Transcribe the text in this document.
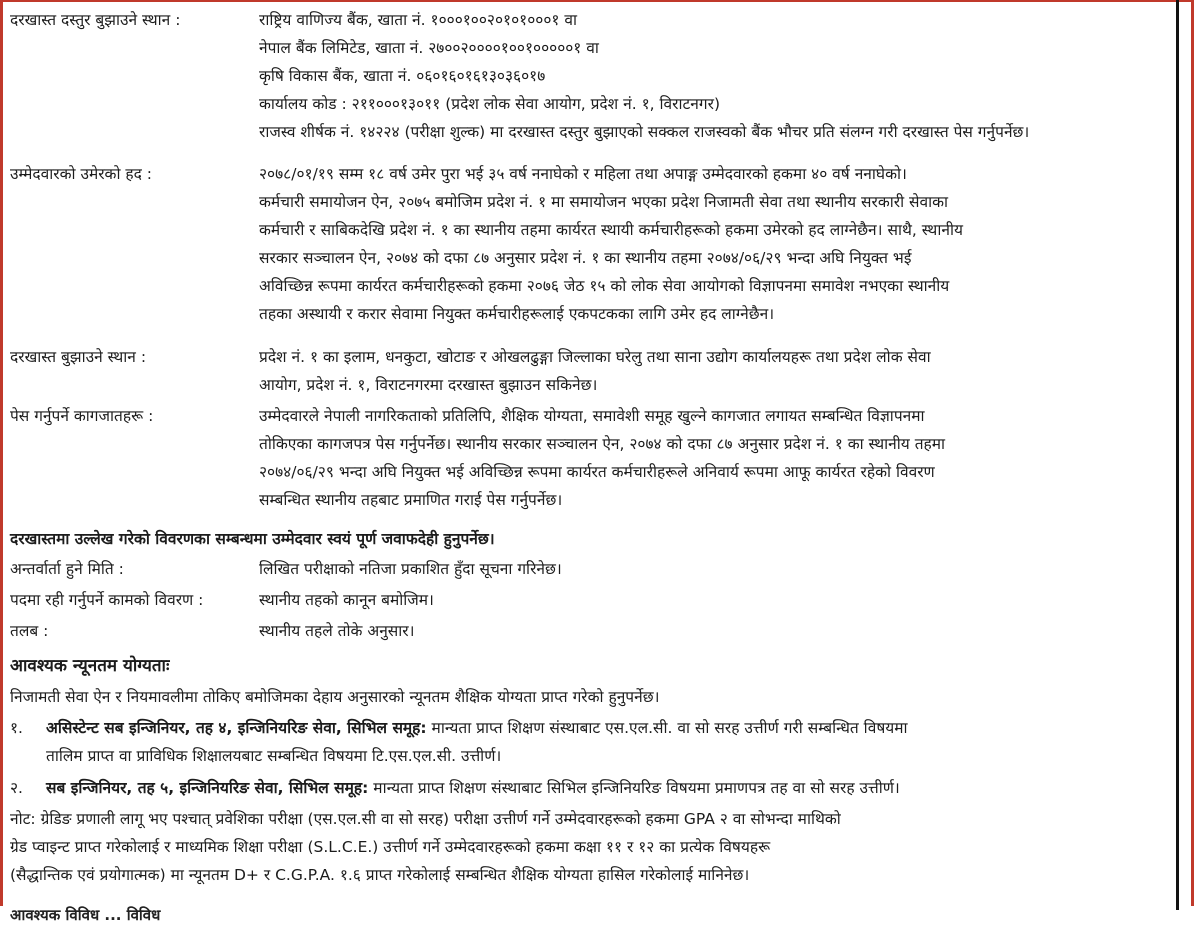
दरखास्त दस्तुर बुझाउने स्थान :	राष्ट्रिय वाणिज्य बैंक, खाता नं. १०००१००२०१०१०००१ वा
नेपाल बैंक लिमिटेड, खाता नं. २७००२००००१००१०००००१ वा
कृषि विकास बैंक, खाता नं. ०६०१६०१६१३०३६०१७
कार्यालय कोड : २११०००१३०११ (प्रदेश लोक सेवा आयोग, प्रदेश नं. १, विराटनगर)
राजस्व शीर्षक नं. १४२२४ (परीक्षा शुल्क) मा दरखास्त दस्तुर बुझाएको सक्कल राजस्वको बैंक भौचर प्रति संलग्न गरी दरखास्त पेस गर्नुपर्नेछ।
उम्मेदवारको उमेरको हद :	२०७८/०१/१९ सम्म १८ वर्ष उमेर पुरा भई ३५ वर्ष ननाघेको र महिला तथा अपाङ्ग उम्मेदवारको हकमा ४० वर्ष ननाघेको।
कर्मचारी समायोजन ऐन, २०७५ बमोजिम प्रदेश नं. १ मा समायोजन भएका प्रदेश निजामती सेवा तथा स्थानीय सरकारी सेवाका
कर्मचारी र साबिकदेखि प्रदेश नं. १ का स्थानीय तहमा कार्यरत स्थायी कर्मचारीहरूको हकमा उमेरको हद लाग्नेछैन। साथै, स्थानीय
सरकार सञ्चालन ऐन, २०७४ को दफा ८७ अनुसार प्रदेश नं. १ का स्थानीय तहमा २०७४/०६/२९ भन्दा अघि नियुक्त भई
अविच्छिन्न रूपमा कार्यरत कर्मचारीहरूको हकमा २०७६ जेठ १५ को लोक सेवा आयोगको विज्ञापनमा समावेश नभएका स्थानीय
तहका अस्थायी र करार सेवामा नियुक्त कर्मचारीहरूलाई एकपटकका लागि उमेर हद लाग्नेछैन।
दरखास्त बुझाउने स्थान :	प्रदेश नं. १ का इलाम, धनकुटा, खोटाङ र ओखलढुङ्गा जिल्लाका घरेलु तथा साना उद्योग कार्यालयहरू तथा प्रदेश लोक सेवा
आयोग, प्रदेश नं. १, विराटनगरमा दरखास्त बुझाउन सकिनेछ।
पेस गर्नुपर्ने कागजातहरू :	उम्मेदवारले नेपाली नागरिकताको प्रतिलिपि, शैक्षिक योग्यता, समावेशी समूह खुल्ने कागजात लगायत सम्बन्धित विज्ञापनमा
तोकिएका कागजपत्र पेस गर्नुपर्नेछ। स्थानीय सरकार सञ्चालन ऐन, २०७४ को दफा ८७ अनुसार प्रदेश नं. १ का स्थानीय तहमा
२०७४/०६/२९ भन्दा अघि नियुक्त भई अविच्छिन्न रूपमा कार्यरत कर्मचारीहरूले अनिवार्य रूपमा आफू कार्यरत रहेको विवरण
सम्बन्धित स्थानीय तहबाट प्रमाणित गराई पेस गर्नुपर्नेछ।
दरखास्तमा उल्लेख गरेको विवरणका सम्बन्धमा उम्मेदवार स्वयं पूर्ण जवाफदेही हुनुपर्नेछ।
अन्तर्वार्ता हुने मिति :	लिखित परीक्षाको नतिजा प्रकाशित हुँदा सूचना गरिनेछ।
पदमा रही गर्नुपर्ने कामको विवरण :	स्थानीय तहको कानून बमोजिम।
तलब :	स्थानीय तहले तोके अनुसार।
आवश्यक न्यूनतम योग्यताः
निजामती सेवा ऐन र नियमावलीमा तोकिए बमोजिमका देहाय अनुसारको न्यूनतम शैक्षिक योग्यता प्राप्त गरेको हुनुपर्नेछ।
१. असिस्टेन्ट सब इन्जिनियर, तह ४, इन्जिनियरिङ सेवा, सिभिल समूह: मान्यता प्राप्त शिक्षण संस्थाबाट एस.एल.सी. वा सो सरह उत्तीर्ण गरी सम्बन्धित विषयमा
तालिम प्राप्त वा प्राविधिक शिक्षालयबाट सम्बन्धित विषयमा टि.एस.एल.सी. उत्तीर्ण।
२. सब इन्जिनियर, तह ५, इन्जिनियरिङ सेवा, सिभिल समूह: मान्यता प्राप्त शिक्षण संस्थाबाट सिभिल इन्जिनियरिङ विषयमा प्रमाणपत्र तह वा सो सरह उत्तीर्ण।
नोट: ग्रेडिङ प्रणाली लागू भए पश्चात् प्रवेशिका परीक्षा (एस.एल.सी वा सो सरह) परीक्षा उत्तीर्ण गर्ने उम्मेदवारहरूको हकमा GPA २ वा सोभन्दा माथिको
ग्रेड प्वाइन्ट प्राप्त गरेकोलाई र माध्यमिक शिक्षा परीक्षा (S.L.C.E.) उत्तीर्ण गर्ने उम्मेदवारहरूको हकमा कक्षा ११ र १२ का प्रत्येक विषयहरू
(सैद्धान्तिक एवं प्रयोगात्मक) मा न्यूनतम D+ र C.G.P.A. १.६ प्राप्त गरेकोलाई सम्बन्धित शैक्षिक योग्यता हासिल गरेकोलाई मानिनेछ।
आवश्यक विविध ... विविध
